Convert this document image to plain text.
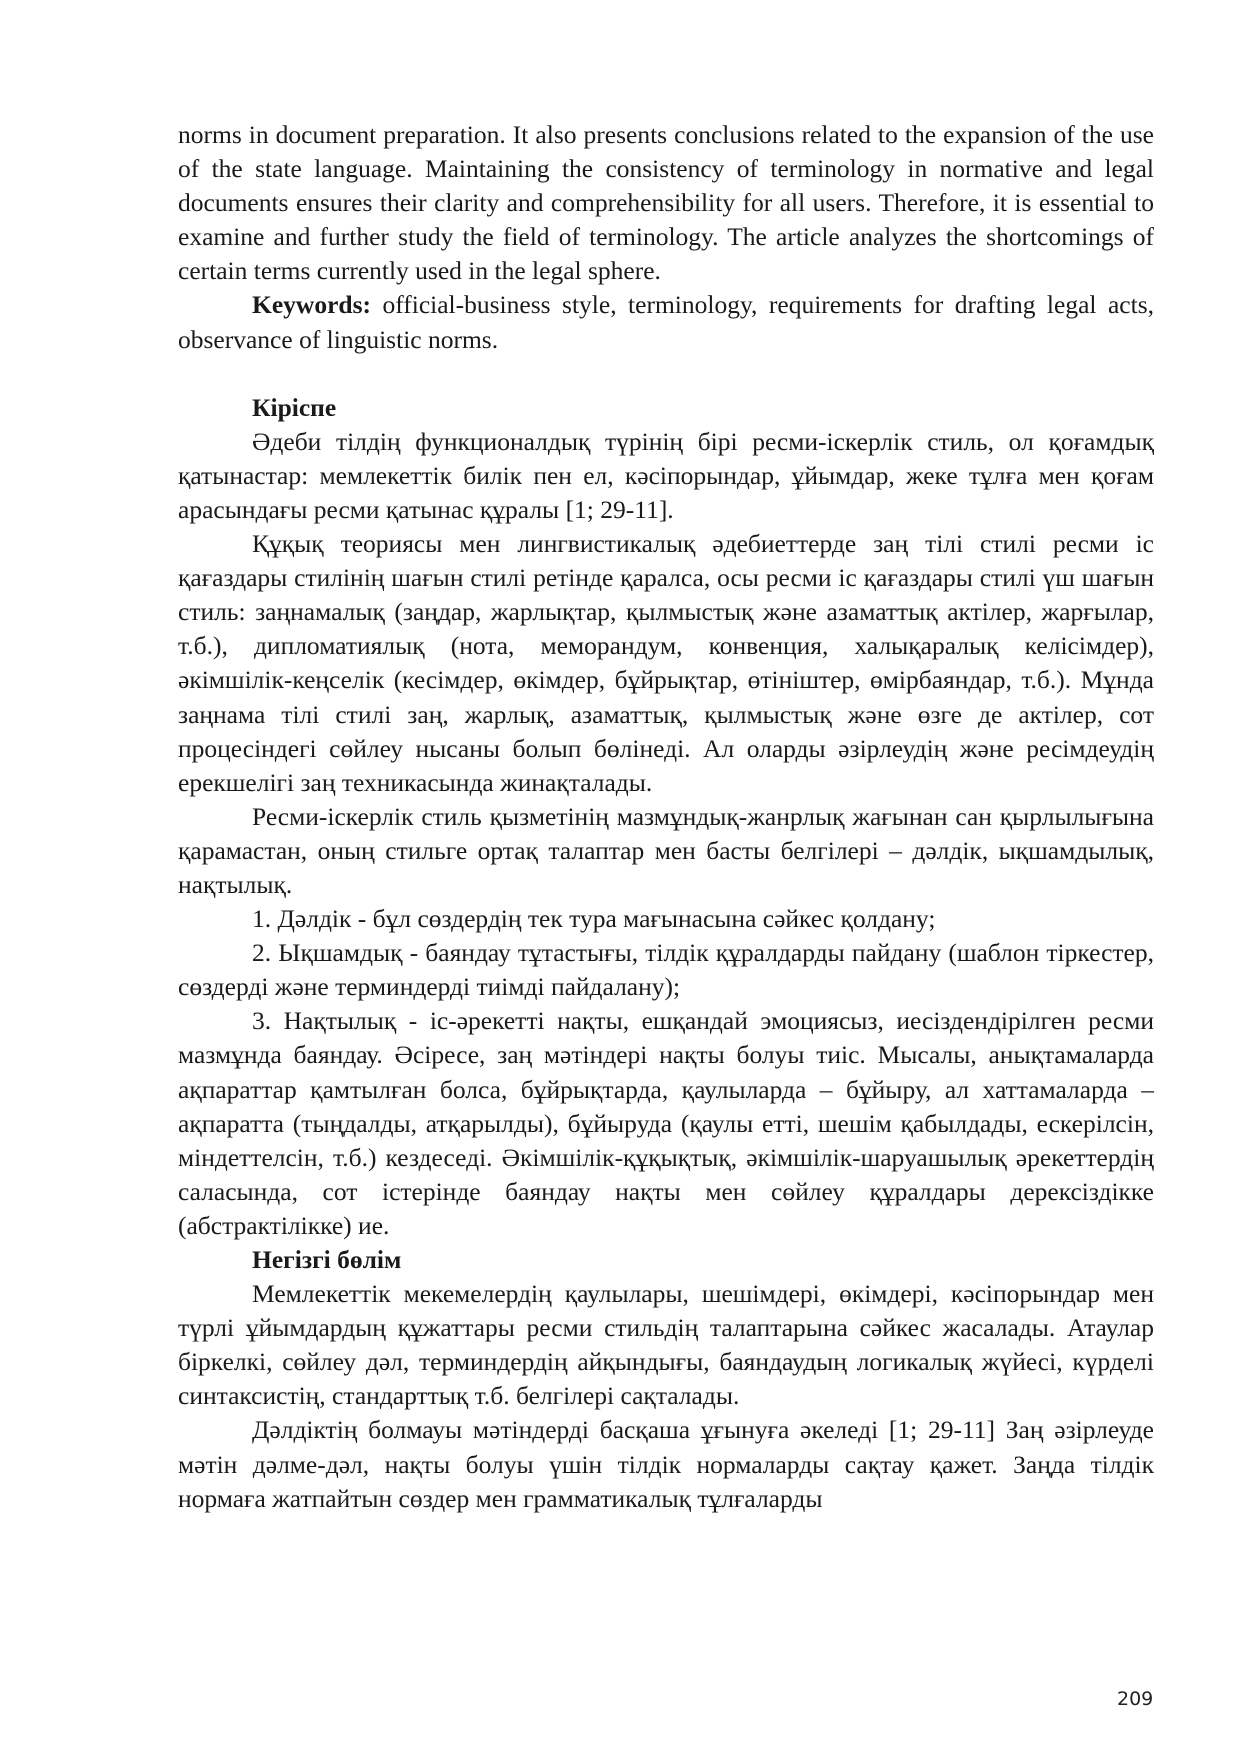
norms in document preparation. It also presents conclusions related to the expansion of the use of the state language. Maintaining the consistency of terminology in normative and legal documents ensures their clarity and comprehensibility for all users. Therefore, it is essential to examine and further study the field of terminology. The article analyzes the shortcomings of certain terms currently used in the legal sphere.

Keywords: official-business style, terminology, requirements for drafting legal acts, observance of linguistic norms.

Кіріспе

Әдеби тілдің функционалдық түрінің бірі ресми-іскерлік стиль, ол қоғамдық қатынастар: мемлекеттік билік пен ел, кәсіпорындар, ұйымдар, жеке тұлға мен қоғам арасындағы ресми қатынас құралы [1; 29-11].

Құқық теориясы мен лингвистикалық әдебиеттерде заң тілі стилі ресми іс қағаздары стилінің шағын стилі ретінде қаралса, осы ресми іс қағаздары стилі үш шағын стиль: заңнамалық (заңдар, жарлықтар, қылмыстық және азаматтық актілер, жарғылар, т.б.), дипломатиялық (нота, меморандум, конвенция, халықаралық келісімдер), әкімшілік-кеңселік (кесімдер, өкімдер, бұйрықтар, өтініштер, өмірбаяндар, т.б.). Мұнда заңнама тілі стилі заң, жарлық, азаматтық, қылмыстық және өзге де актілер, сот процесіндегі сөйлеу нысаны болып бөлінеді. Ал оларды әзірлеудің және ресімдеудің ерекшелігі заң техникасында жинақталады.

Ресми-іскерлік стиль қызметінің мазмұндық-жанрлық жағынан сан қырлылығына қарамастан, оның стильге ортақ талаптар мен басты белгілері – дәлдік, ықшамдылық, нақтылық.

1. Дәлдік - бұл сөздердің тек тура мағынасына сәйкес қолдану;

2. Ықшамдық - баяндау тұтастығы, тілдік құралдарды пайдану (шаблон тіркестер, сөздерді және терминдерді тиімді пайдалану);

3. Нақтылық - іс-әрекетті нақты, ешқандай эмоциясыз, иесіздендірілген ресми мазмұнда баяндау. Әсіресе, заң мәтіндері нақты болуы тиіс. Мысалы, анықтамаларда ақпараттар қамтылған болса, бұйрықтарда, қаулыларда – бұйыру, ал хаттамаларда – ақпаратта (тыңдалды, атқарылды), бұйыруда (қаулы етті, шешім қабылдады, ескерілсін, міндеттелсін, т.б.) кездеседі. Әкімшілік-құқықтық, әкімшілік-шаруашылық әрекеттердің саласында, сот істерінде баяндау нақты мен сөйлеу құралдары дерексіздікке (абстрактілікке) ие.

Негізгі бөлім

Мемлекеттік мекемелердің қаулылары, шешімдері, өкімдері, кәсіпорындар мен түрлі ұйымдардың құжаттары ресми стильдің талаптарына сәйкес жасалады. Атаулар біркелкі, сөйлеу дәл, терминдердің айқындығы, баяндаудың логикалық жүйесі, күрделі синтаксистің, стандарттық т.б. белгілері сақталады.

Дәлдіктің болмауы мәтіндерді басқаша ұғынуға әкеледі [1; 29-11] Заң әзірлеуде мәтін дәлме-дәл, нақты болуы үшін тілдік нормаларды сақтау қажет. Заңда тілдік нормаға жатпайтын сөздер мен грамматикалық тұлғаларды

209
